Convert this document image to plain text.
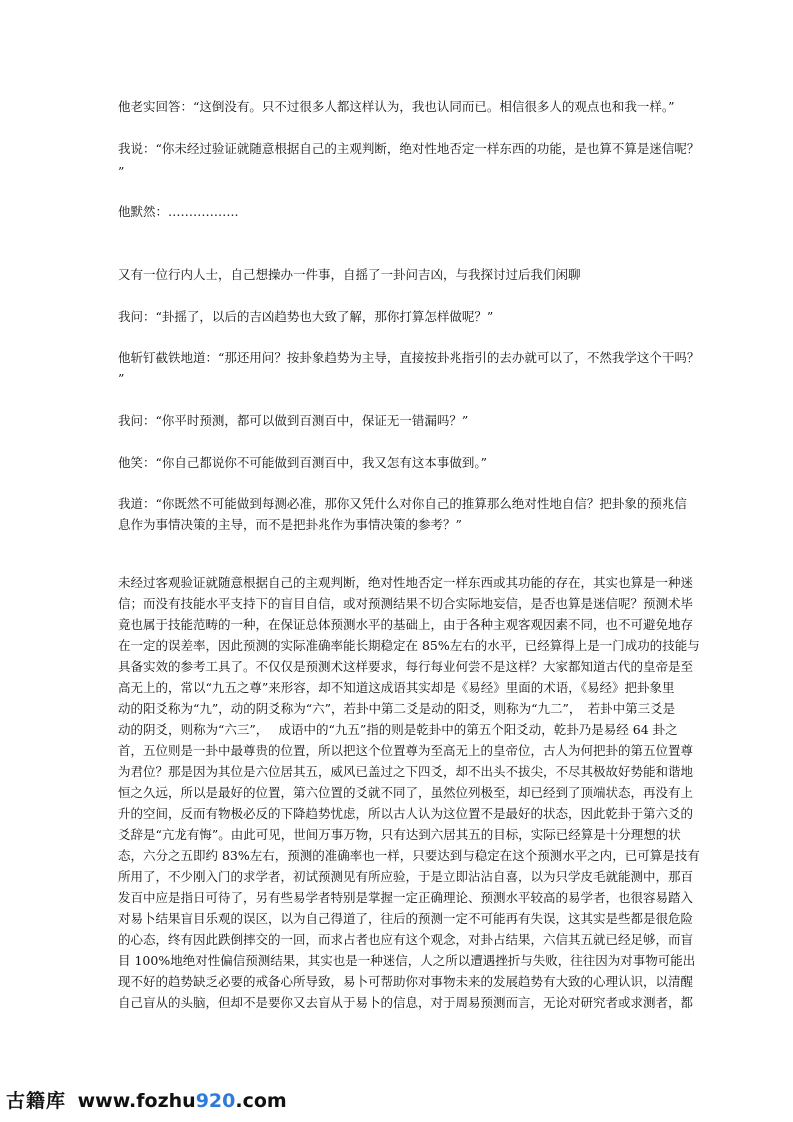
他老实回答：“这倒没有。只不过很多人都这样认为，我也认同而已。相信很多人的观点也和我一样。”
我说：“你未经过验证就随意根据自己的主观判断，绝对性地否定一样东西的功能，是也算不算是迷信呢？
”
他默然：……………..
又有一位行内人士，自己想操办一件事，自摇了一卦问吉凶，与我探讨过后我们闲聊
我问：“卦摇了，以后的吉凶趋势也大致了解，那你打算怎样做呢？”
他斩钉截铁地道：“那还用问？按卦象趋势为主导，直接按卦兆指引的去办就可以了，不然我学这个干吗？
”
我问：“你平时预测，都可以做到百测百中，保证无一错漏吗？”
他笑：“你自己都说你不可能做到百测百中，我又怎有这本事做到。”
我道：“你既然不可能做到每测必准，那你又凭什么对你自己的推算那么绝对性地自信？把卦象的预兆信
息作为事情决策的主导，而不是把卦兆作为事情决策的参考？”
未经过客观验证就随意根据自己的主观判断，绝对性地否定一样东西或其功能的存在，其实也算是一种迷
信；而没有技能水平支持下的盲目自信，或对预测结果不切合实际地妄信，是否也算是迷信呢？预测术毕
竟也属于技能范畴的一种，在保证总体预测水平的基础上，由于各种主观客观因素不同，也不可避免地存
在一定的误差率，因此预测的实际准确率能长期稳定在 85%左右的水平，已经算得上是一门成功的技能与
具备实效的参考工具了。不仅仅是预测术这样要求，每行每业何尝不是这样？大家都知道古代的皇帝是至
高无上的，常以“九五之尊”来形容，却不知道这成语其实却是《易经》里面的术语，《易经》把卦象里
动的阳爻称为“九”，动的阴爻称为“六”，若卦中第二爻是动的阳爻，则称为“九二”，　若卦中第三爻是
动的阴爻，则称为“六三”，　 成语中的“九五”指的则是乾卦中的第五个阳爻动，乾卦乃是易经 64 卦之
首，五位则是一卦中最尊贵的位置，所以把这个位置尊为至高无上的皇帝位，古人为何把卦的第五位置尊
为君位？那是因为其位是六位居其五，威风已盖过之下四爻，却不出头不拔尖，不尽其极故好势能和谐地
恒之久远，所以是最好的位置，第六位置的爻就不同了，虽然位列极至，却已经到了顶端状态，再没有上
升的空间，反而有物极必反的下降趋势忧虑，所以古人认为这位置不是最好的状态，因此乾卦于第六爻的
爻辞是“亢龙有悔”。由此可见，世间万事万物，只有达到六居其五的目标，实际已经算是十分理想的状
态，六分之五即约 83%左右，预测的准确率也一样，只要达到与稳定在这个预测水平之内，已可算是技有
所用了，不少刚入门的求学者，初试预测见有所应验，于是立即沾沾自喜，以为只学皮毛就能测中，那百
发百中应是指日可待了，另有些易学者特别是掌握一定正确理论、预测水平较高的易学者，也很容易踏入
对易卜结果盲目乐观的误区，以为自己得道了，往后的预测一定不可能再有失误，这其实是些都是很危险
的心态，终有因此跌倒摔交的一回，而求占者也应有这个观念，对卦占结果，六信其五就已经足够，而盲
目 100%地绝对性偏信预测结果，其实也是一种迷信，人之所以遭遇挫折与失败，往往因为对事物可能出
现不好的趋势缺乏必要的戒备心所导致，易卜可帮助你对事物未来的发展趋势有大致的心理认识，以清醒
自己盲从的头脑，但却不是要你又去盲从于易卜的信息，对于周易预测而言，无论对研究者或求测者，都
古籍库 www.fozhu920.com
